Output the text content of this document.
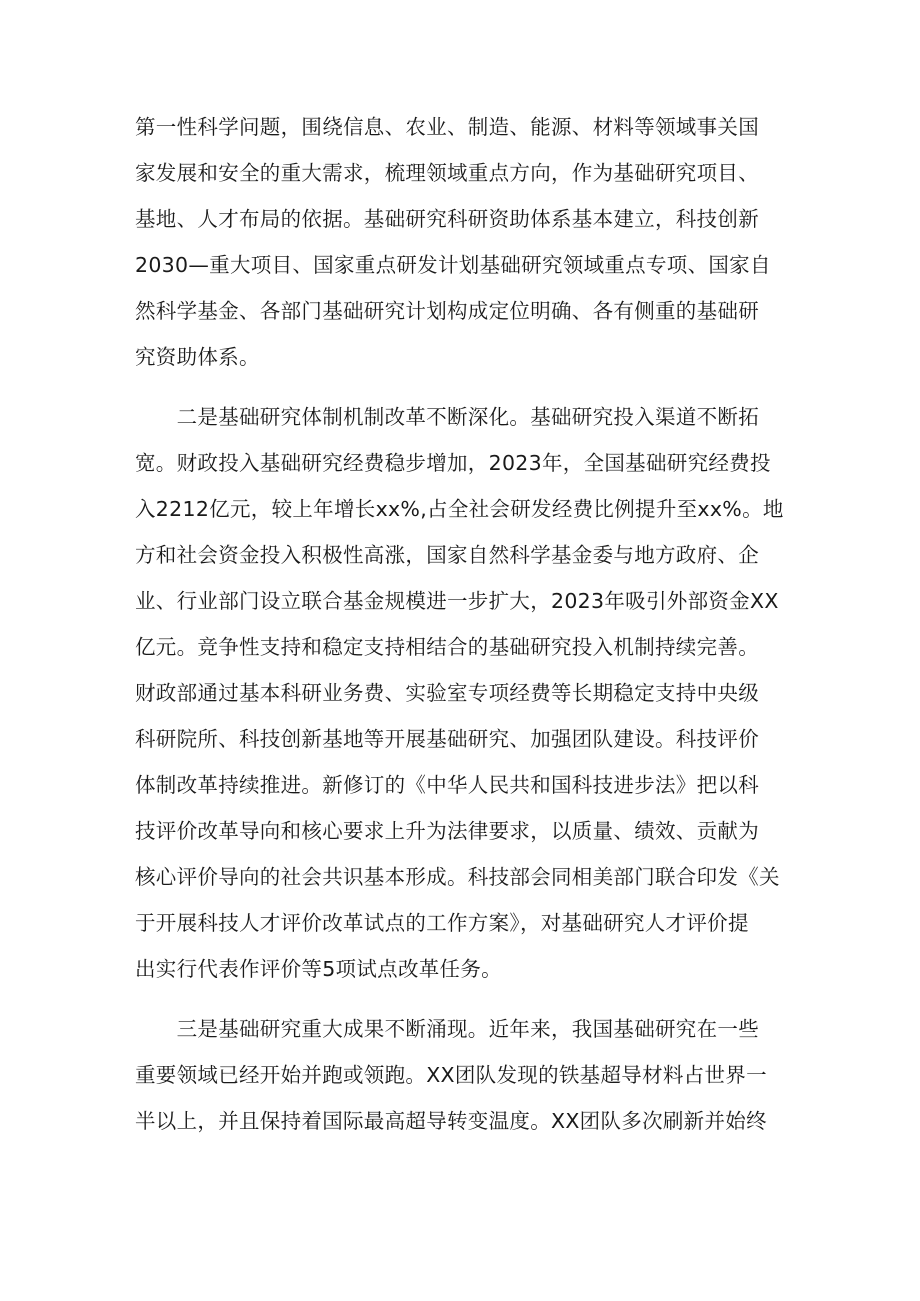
第一性科学问题，围绕信息、农业、制造、能源、材料等领域事关国
家发展和安全的重大需求，梳理领域重点方向，作为基础研究项目、
基地、人才布局的依据。基础研究科研资助体系基本建立，科技创新
2030—重大项目、国家重点研发计划基础研究领域重点专项、国家自
然科学基金、各部门基础研究计划构成定位明确、各有侧重的基础研
究资助体系。
　　二是基础研究体制机制改革不断深化。基础研究投入渠道不断拓
宽。财政投入基础研究经费稳步增加，2023年，全国基础研究经费投
入2212亿元，较上年增长xx%,占全社会研发经费比例提升至xx%。地
方和社会资金投入积极性高涨，国家自然科学基金委与地方政府、企
业、行业部门设立联合基金规模进一步扩大，2023年吸引外部资金XX
亿元。竞争性支持和稳定支持相结合的基础研究投入机制持续完善。
财政部通过基本科研业务费、实验室专项经费等长期稳定支持中央级
科研院所、科技创新基地等开展基础研究、加强团队建设。科技评价
体制改革持续推进。新修订的《中华人民共和国科技进步法》把以科
技评价改革导向和核心要求上升为法律要求，以质量、绩效、贡献为
核心评价导向的社会共识基本形成。科技部会同相美部门联合印发《关
于开展科技人才评价改革试点的工作方案》，对基础研究人才评价提
出实行代表作评价等5项试点改革任务。
　　三是基础研究重大成果不断涌现。近年来，我国基础研究在一些
重要领域已经开始并跑或领跑。XX团队发现的铁基超导材料占世界一
半以上，并且保持着国际最高超导转变温度。XX团队多次刷新并始终
